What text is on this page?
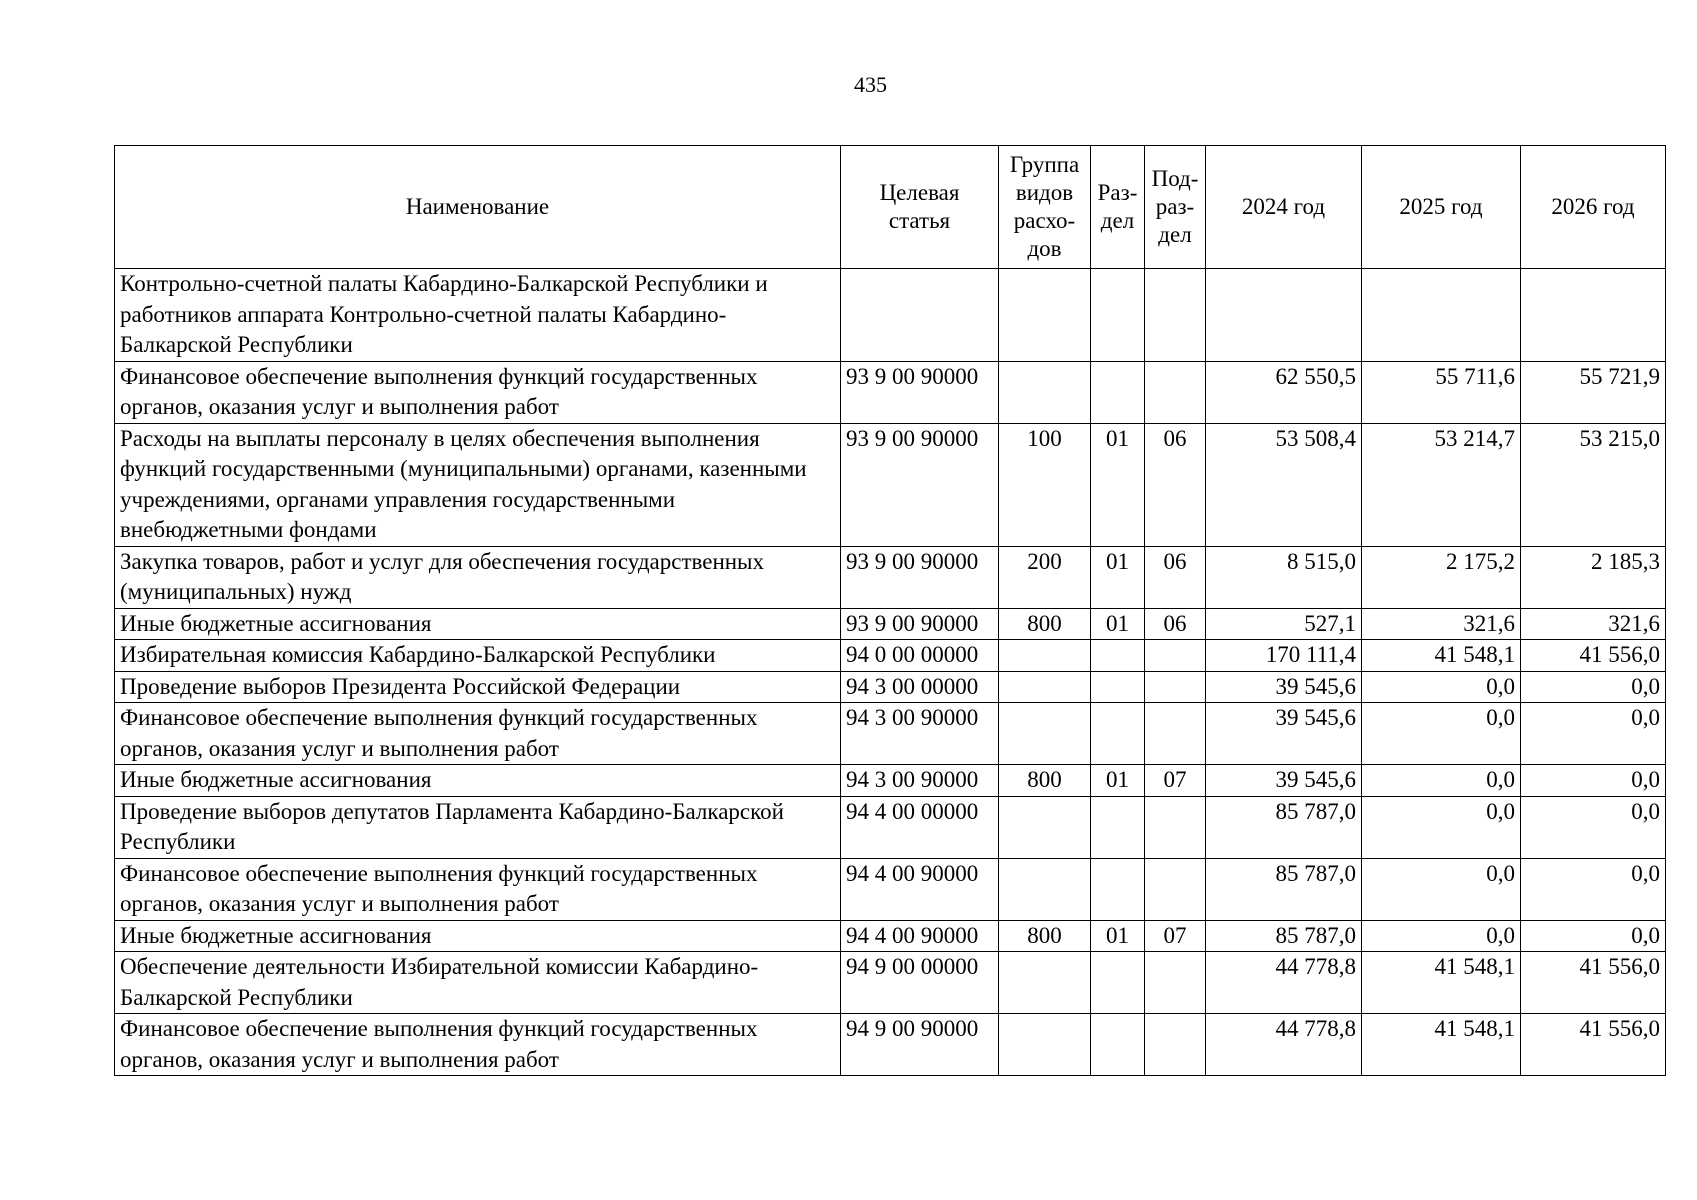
435
Наименование	Целевая статья	Группа видов расхо-дов	Раз-дел	Под-раз-дел	2024 год	2025 год	2026 год
Контрольно-счетной палаты Кабардино-Балкарской Республики и работников аппарата Контрольно-счетной палаты Кабардино-Балкарской Республики							
Финансовое обеспечение выполнения функций государственных органов, оказания услуг и выполнения работ	93 9 00 90000				62 550,5	55 711,6	55 721,9
Расходы на выплаты персоналу в целях обеспечения выполнения функций государственными (муниципальными) органами, казенными учреждениями, органами управления государственными внебюджетными фондами	93 9 00 90000	100	01	06	53 508,4	53 214,7	53 215,0
Закупка товаров, работ и услуг для обеспечения государственных (муниципальных) нужд	93 9 00 90000	200	01	06	8 515,0	2 175,2	2 185,3
Иные бюджетные ассигнования	93 9 00 90000	800	01	06	527,1	321,6	321,6
Избирательная комиссия Кабардино-Балкарской Республики	94 0 00 00000				170 111,4	41 548,1	41 556,0
Проведение выборов Президента Российской Федерации	94 3 00 00000				39 545,6	0,0	0,0
Финансовое обеспечение выполнения функций государственных органов, оказания услуг и выполнения работ	94 3 00 90000				39 545,6	0,0	0,0
Иные бюджетные ассигнования	94 3 00 90000	800	01	07	39 545,6	0,0	0,0
Проведение выборов депутатов Парламента Кабардино-Балкарской Республики	94 4 00 00000				85 787,0	0,0	0,0
Финансовое обеспечение выполнения функций государственных органов, оказания услуг и выполнения работ	94 4 00 90000				85 787,0	0,0	0,0
Иные бюджетные ассигнования	94 4 00 90000	800	01	07	85 787,0	0,0	0,0
Обеспечение деятельности Избирательной комиссии Кабардино-Балкарской Республики	94 9 00 00000				44 778,8	41 548,1	41 556,0
Финансовое обеспечение выполнения функций государственных органов, оказания услуг и выполнения работ	94 9 00 90000				44 778,8	41 548,1	41 556,0
